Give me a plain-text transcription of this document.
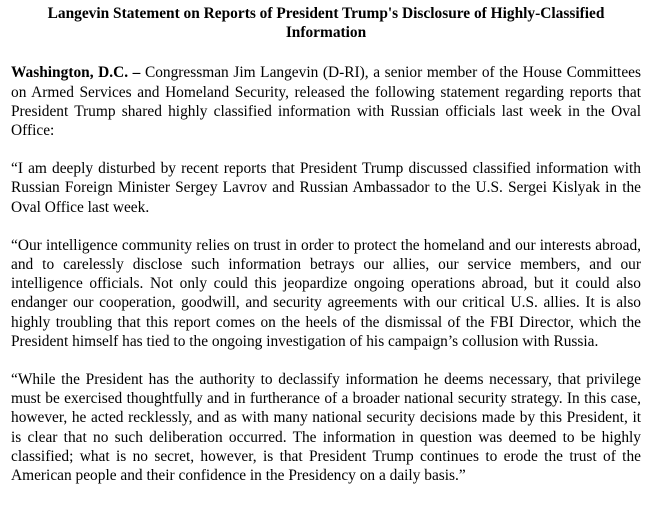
Langevin Statement on Reports of President Trump's Disclosure of Highly-Classified Information

Washington, D.C. – Congressman Jim Langevin (D-RI), a senior member of the House Committees on Armed Services and Homeland Security, released the following statement regarding reports that President Trump shared highly classified information with Russian officials last week in the Oval Office:

“I am deeply disturbed by recent reports that President Trump discussed classified information with Russian Foreign Minister Sergey Lavrov and Russian Ambassador to the U.S. Sergei Kislyak in the Oval Office last week.

“Our intelligence community relies on trust in order to protect the homeland and our interests abroad, and to carelessly disclose such information betrays our allies, our service members, and our intelligence officials. Not only could this jeopardize ongoing operations abroad, but it could also endanger our cooperation, goodwill, and security agreements with our critical U.S. allies. It is also highly troubling that this report comes on the heels of the dismissal of the FBI Director, which the President himself has tied to the ongoing investigation of his campaign’s collusion with Russia.

“While the President has the authority to declassify information he deems necessary, that privilege must be exercised thoughtfully and in furtherance of a broader national security strategy. In this case, however, he acted recklessly, and as with many national security decisions made by this President, it is clear that no such deliberation occurred. The information in question was deemed to be highly classified; what is no secret, however, is that President Trump continues to erode the trust of the American people and their confidence in the Presidency on a daily basis.”
